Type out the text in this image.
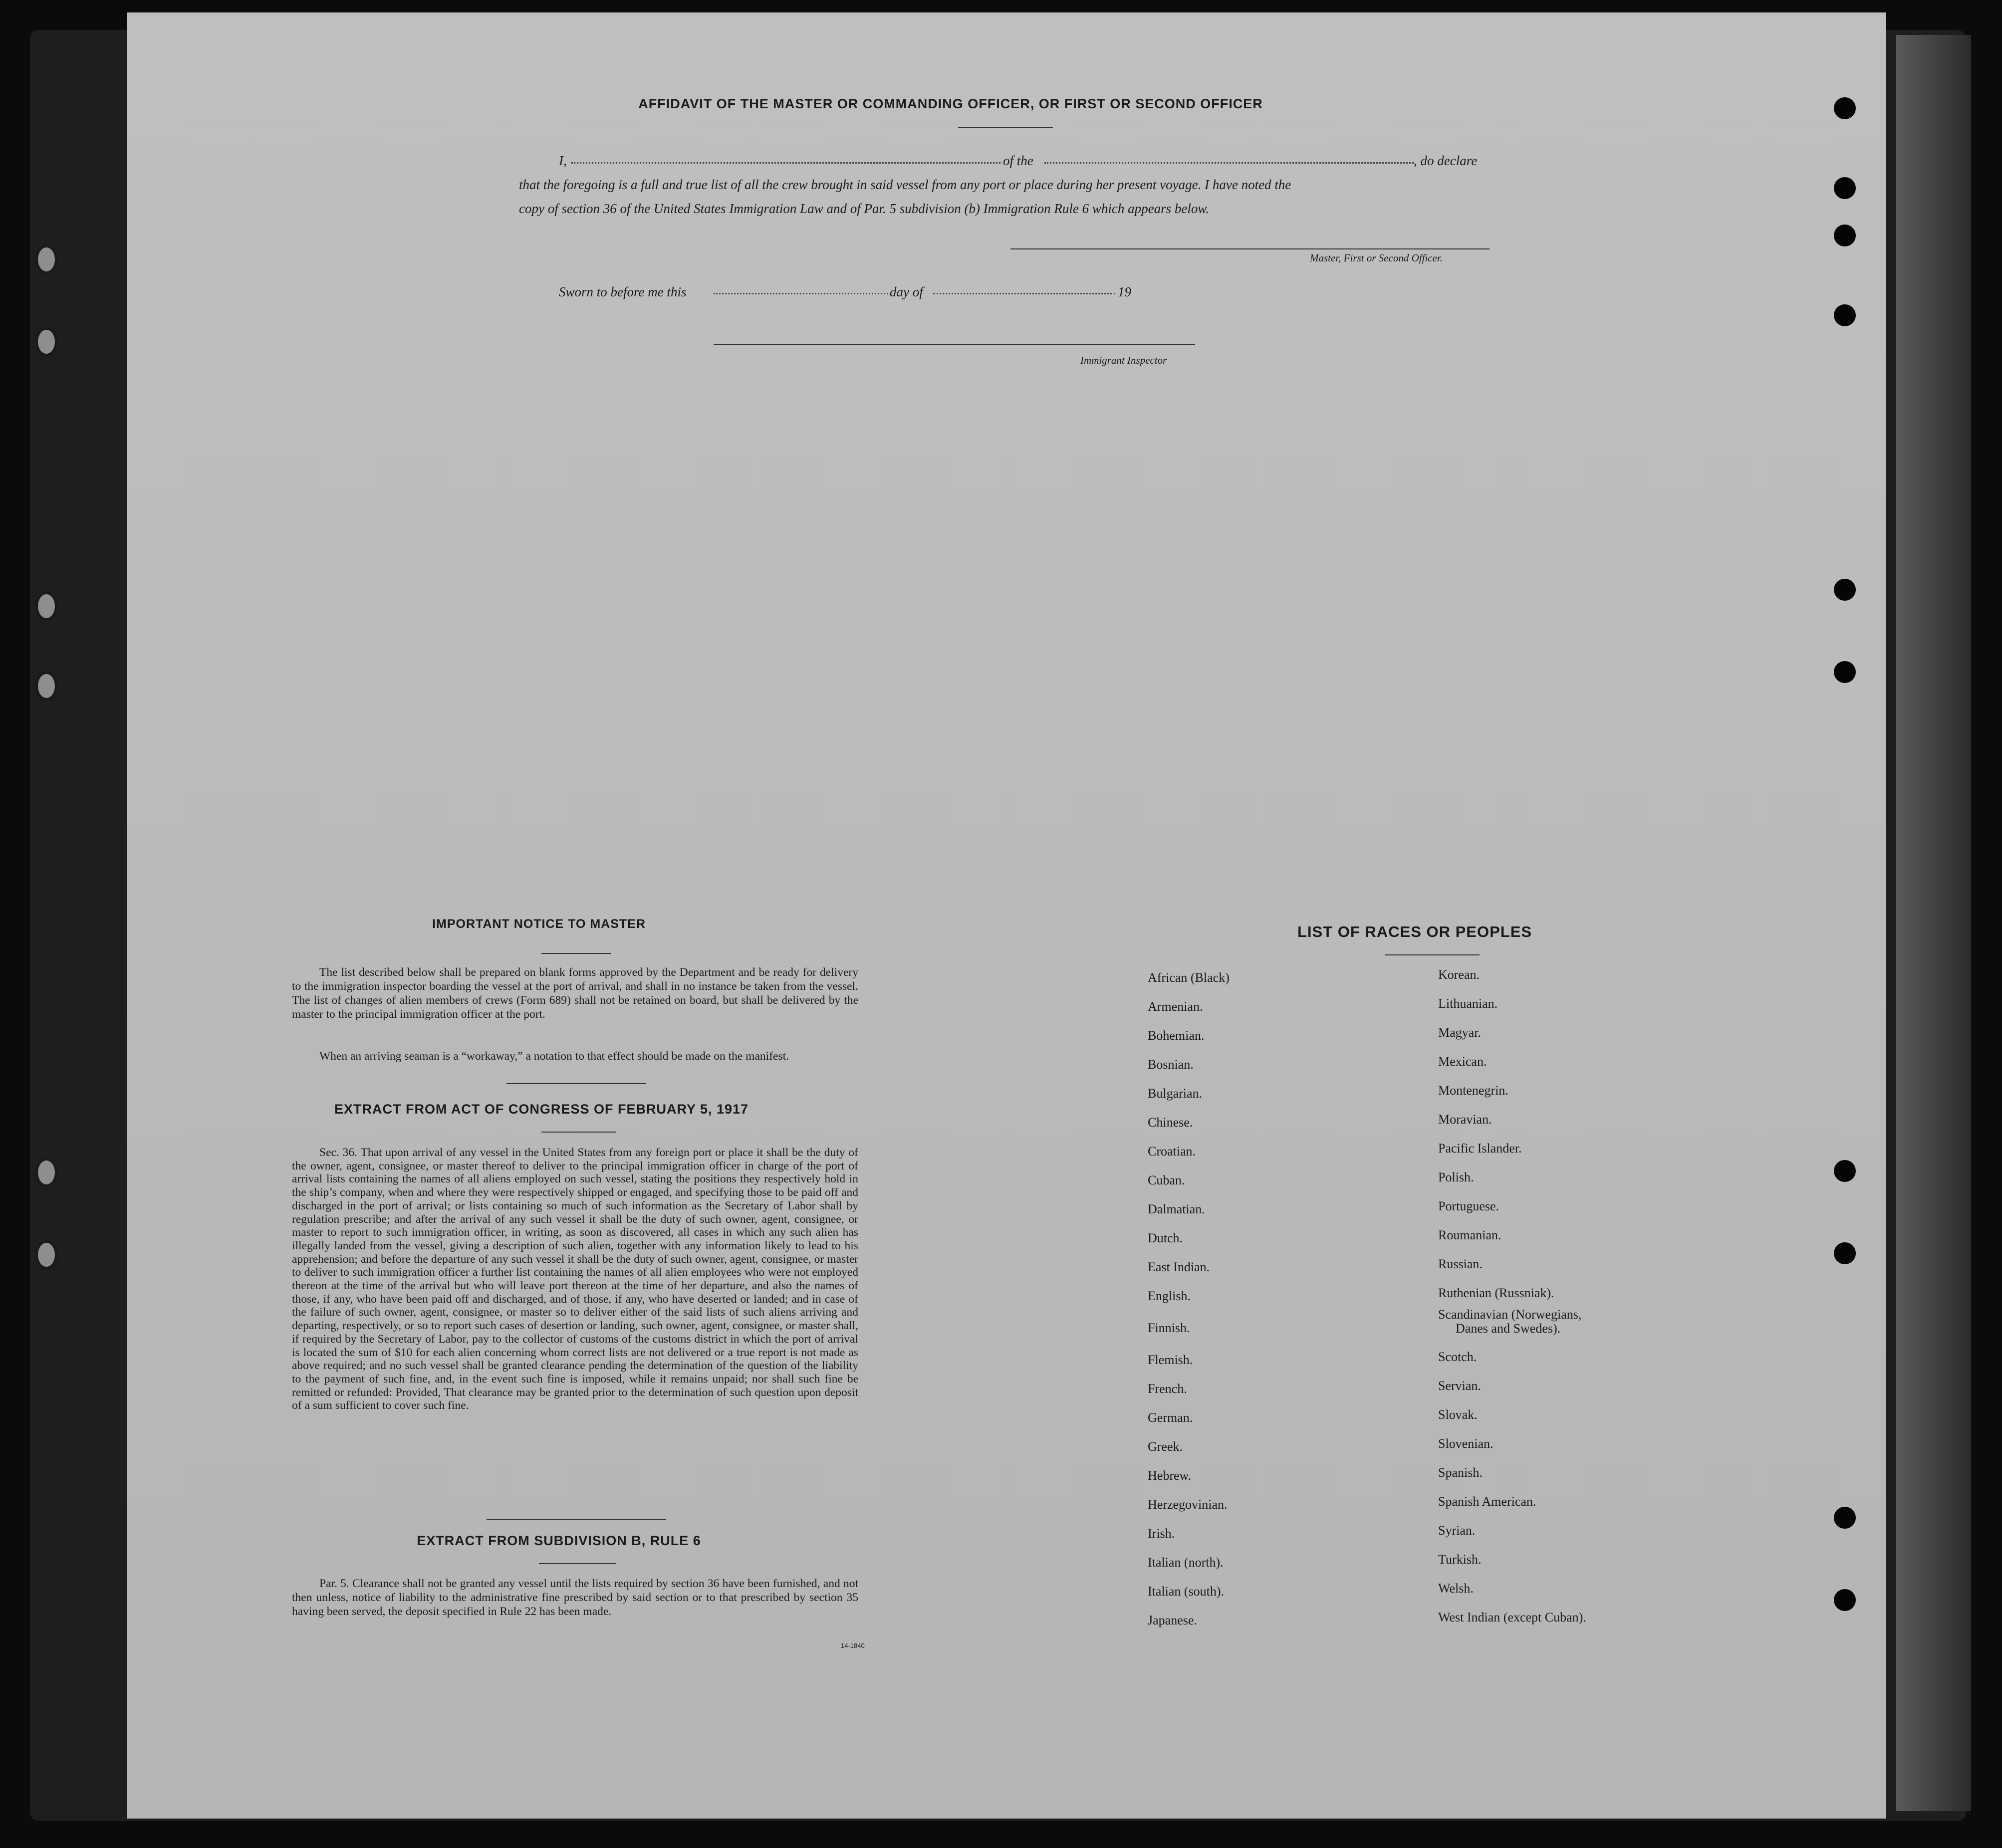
AFFIDAVIT OF THE MASTER OR COMMANDING OFFICER, OR FIRST OR SECOND OFFICER
I,	of the	, do declare
that the foregoing is a full and true list of all the crew brought in said vessel from any port or place during her present voyage. I have noted the
copy of section 36 of the United States Immigration Law and of Par. 5 subdivision (b) Immigration Rule 6 which appears below.
Master, First or Second Officer.
Sworn to before me this	day of	19
Immigrant Inspector
IMPORTANT NOTICE TO MASTER
The list described below shall be prepared on blank forms approved by the Department and be ready for delivery to the immigration inspector boarding the vessel at the port of arrival, and shall in no instance be taken from the vessel. The list of changes of alien members of crews (Form 689) shall not be retained on board, but shall be delivered by the master to the principal immigration officer at the port.
When an arriving seaman is a “workaway,” a notation to that effect should be made on the manifest.
EXTRACT FROM ACT OF CONGRESS OF FEBRUARY 5, 1917
Sec. 36. That upon arrival of any vessel in the United States from any foreign port or place it shall be the duty of the owner, agent, consignee, or master thereof to deliver to the principal immigration officer in charge of the port of arrival lists containing the names of all aliens employed on such vessel, stating the positions they respectively hold in the ship’s company, when and where they were respectively shipped or engaged, and specifying those to be paid off and discharged in the port of arrival; or lists containing so much of such information as the Secretary of Labor shall by regulation prescribe; and after the arrival of any such vessel it shall be the duty of such owner, agent, consignee, or master to report to such immigration officer, in writing, as soon as discovered, all cases in which any such alien has illegally landed from the vessel, giving a description of such alien, together with any information likely to lead to his apprehension; and before the departure of any such vessel it shall be the duty of such owner, agent, consignee, or master to deliver to such immigration officer a further list containing the names of all alien employees who were not employed thereon at the time of the arrival but who will leave port thereon at the time of her departure, and also the names of those, if any, who have been paid off and discharged, and of those, if any, who have deserted or landed; and in case of the failure of such owner, agent, consignee, or master so to deliver either of the said lists of such aliens arriving and departing, respectively, or so to report such cases of desertion or landing, such owner, agent, consignee, or master shall, if required by the Secretary of Labor, pay to the collector of customs of the customs district in which the port of arrival is located the sum of $10 for each alien concerning whom correct lists are not delivered or a true report is not made as above required; and no such vessel shall be granted clearance pending the determination of the question of the liability to the payment of such fine, and, in the event such fine is imposed, while it remains unpaid; nor shall such fine be remitted or refunded: Provided, That clearance may be granted prior to the determination of such question upon deposit of a sum sufficient to cover such fine.
EXTRACT FROM SUBDIVISION B, RULE 6
Par. 5. Clearance shall not be granted any vessel until the lists required by section 36 have been furnished, and not then unless, notice of liability to the administrative fine prescribed by said section or to that prescribed by section 35 having been served, the deposit specified in Rule 22 has been made.
14-1840
LIST OF RACES OR PEOPLES
African (Black)
Armenian.
Bohemian.
Bosnian.
Bulgarian.
Chinese.
Croatian.
Cuban.
Dalmatian.
Dutch.
East Indian.
English.
Finnish.
Flemish.
French.
German.
Greek.
Hebrew.
Herzegovinian.
Irish.
Italian (north).
Italian (south).
Japanese.
Korean.
Lithuanian.
Magyar.
Mexican.
Montenegrin.
Moravian.
Pacific Islander.
Polish.
Portuguese.
Roumanian.
Russian.
Ruthenian (Russniak).
Scandinavian (Norwegians,
Danes and Swedes).
Scotch.
Servian.
Slovak.
Slovenian.
Spanish.
Spanish American.
Syrian.
Turkish.
Welsh.
West Indian (except Cuban).
